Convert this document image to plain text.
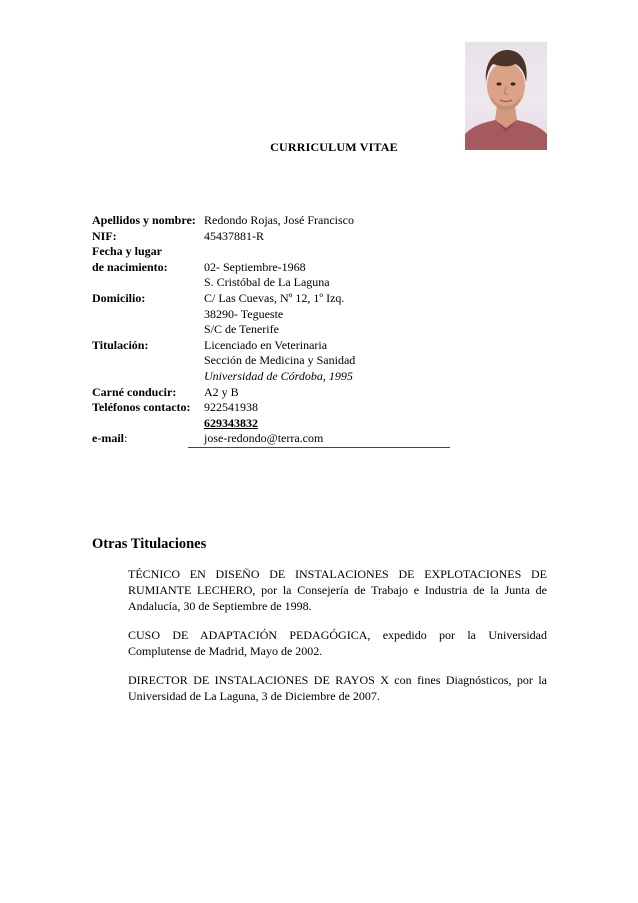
CURRICULUM VITAE
Apellidos y nombre: Redondo Rojas, José Francisco
NIF:	45437881-R
Fecha y lugar
de nacimiento:	02- Septiembre-1968
S. Cristóbal de La Laguna
Domicilio:	C/ Las Cuevas, Nº 12, 1º Izq.
38290- Tegueste
S/C de Tenerife
Titulación:	Licenciado en Veterinaria
Sección de Medicina y Sanidad
Universidad de Córdoba, 1995
Carné conducir:	A2 y B
Teléfonos contacto:	922541938
629343832
e-mail:	jose-redondo@terra.com
Otras Titulaciones

TÉCNICO EN DISEÑO DE INSTALACIONES DE EXPLOTACIONES DE RUMIANTE LECHERO, por la Consejería de Trabajo e Industria de la Junta de Andalucía, 30 de Septiembre de 1998.

CUSO DE ADAPTACIÓN PEDAGÓGICA, expedido por la Universidad Complutense de Madrid, Mayo de 2002.

DIRECTOR DE INSTALACIONES DE RAYOS X con fines Diagnósticos, por la Universidad de La Laguna, 3 de Diciembre de 2007.
